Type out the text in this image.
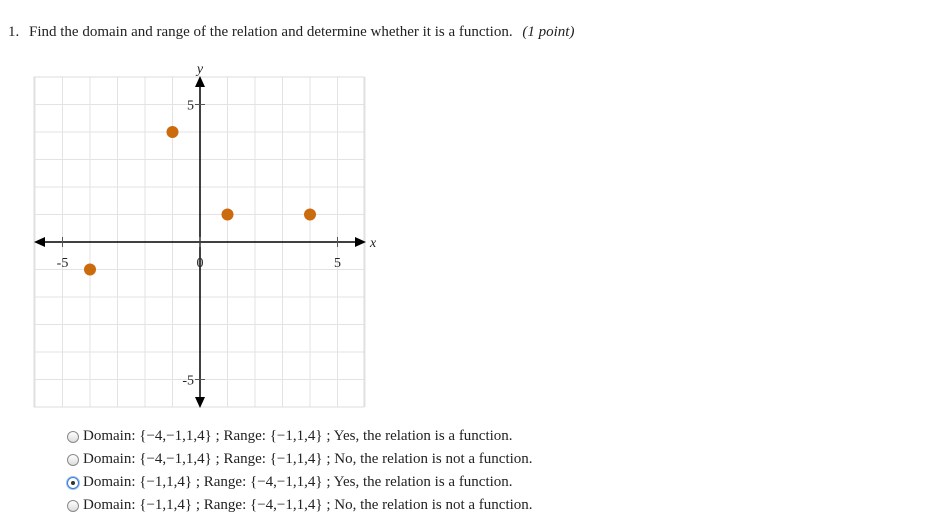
1. Find the domain and range of the relation and determine whether it is a function. (1 point)
x
y
-5	0	5
5
-5
Domain: {−4,−1,1,4} ; Range: {−1,1,4} ; Yes, the relation is a function.
Domain: {−4,−1,1,4} ; Range: {−1,1,4} ; No, the relation is not a function.
Domain: {−1,1,4} ; Range: {−4,−1,1,4} ; Yes, the relation is a function.
Domain: {−1,1,4} ; Range: {−4,−1,1,4} ; No, the relation is not a function.
